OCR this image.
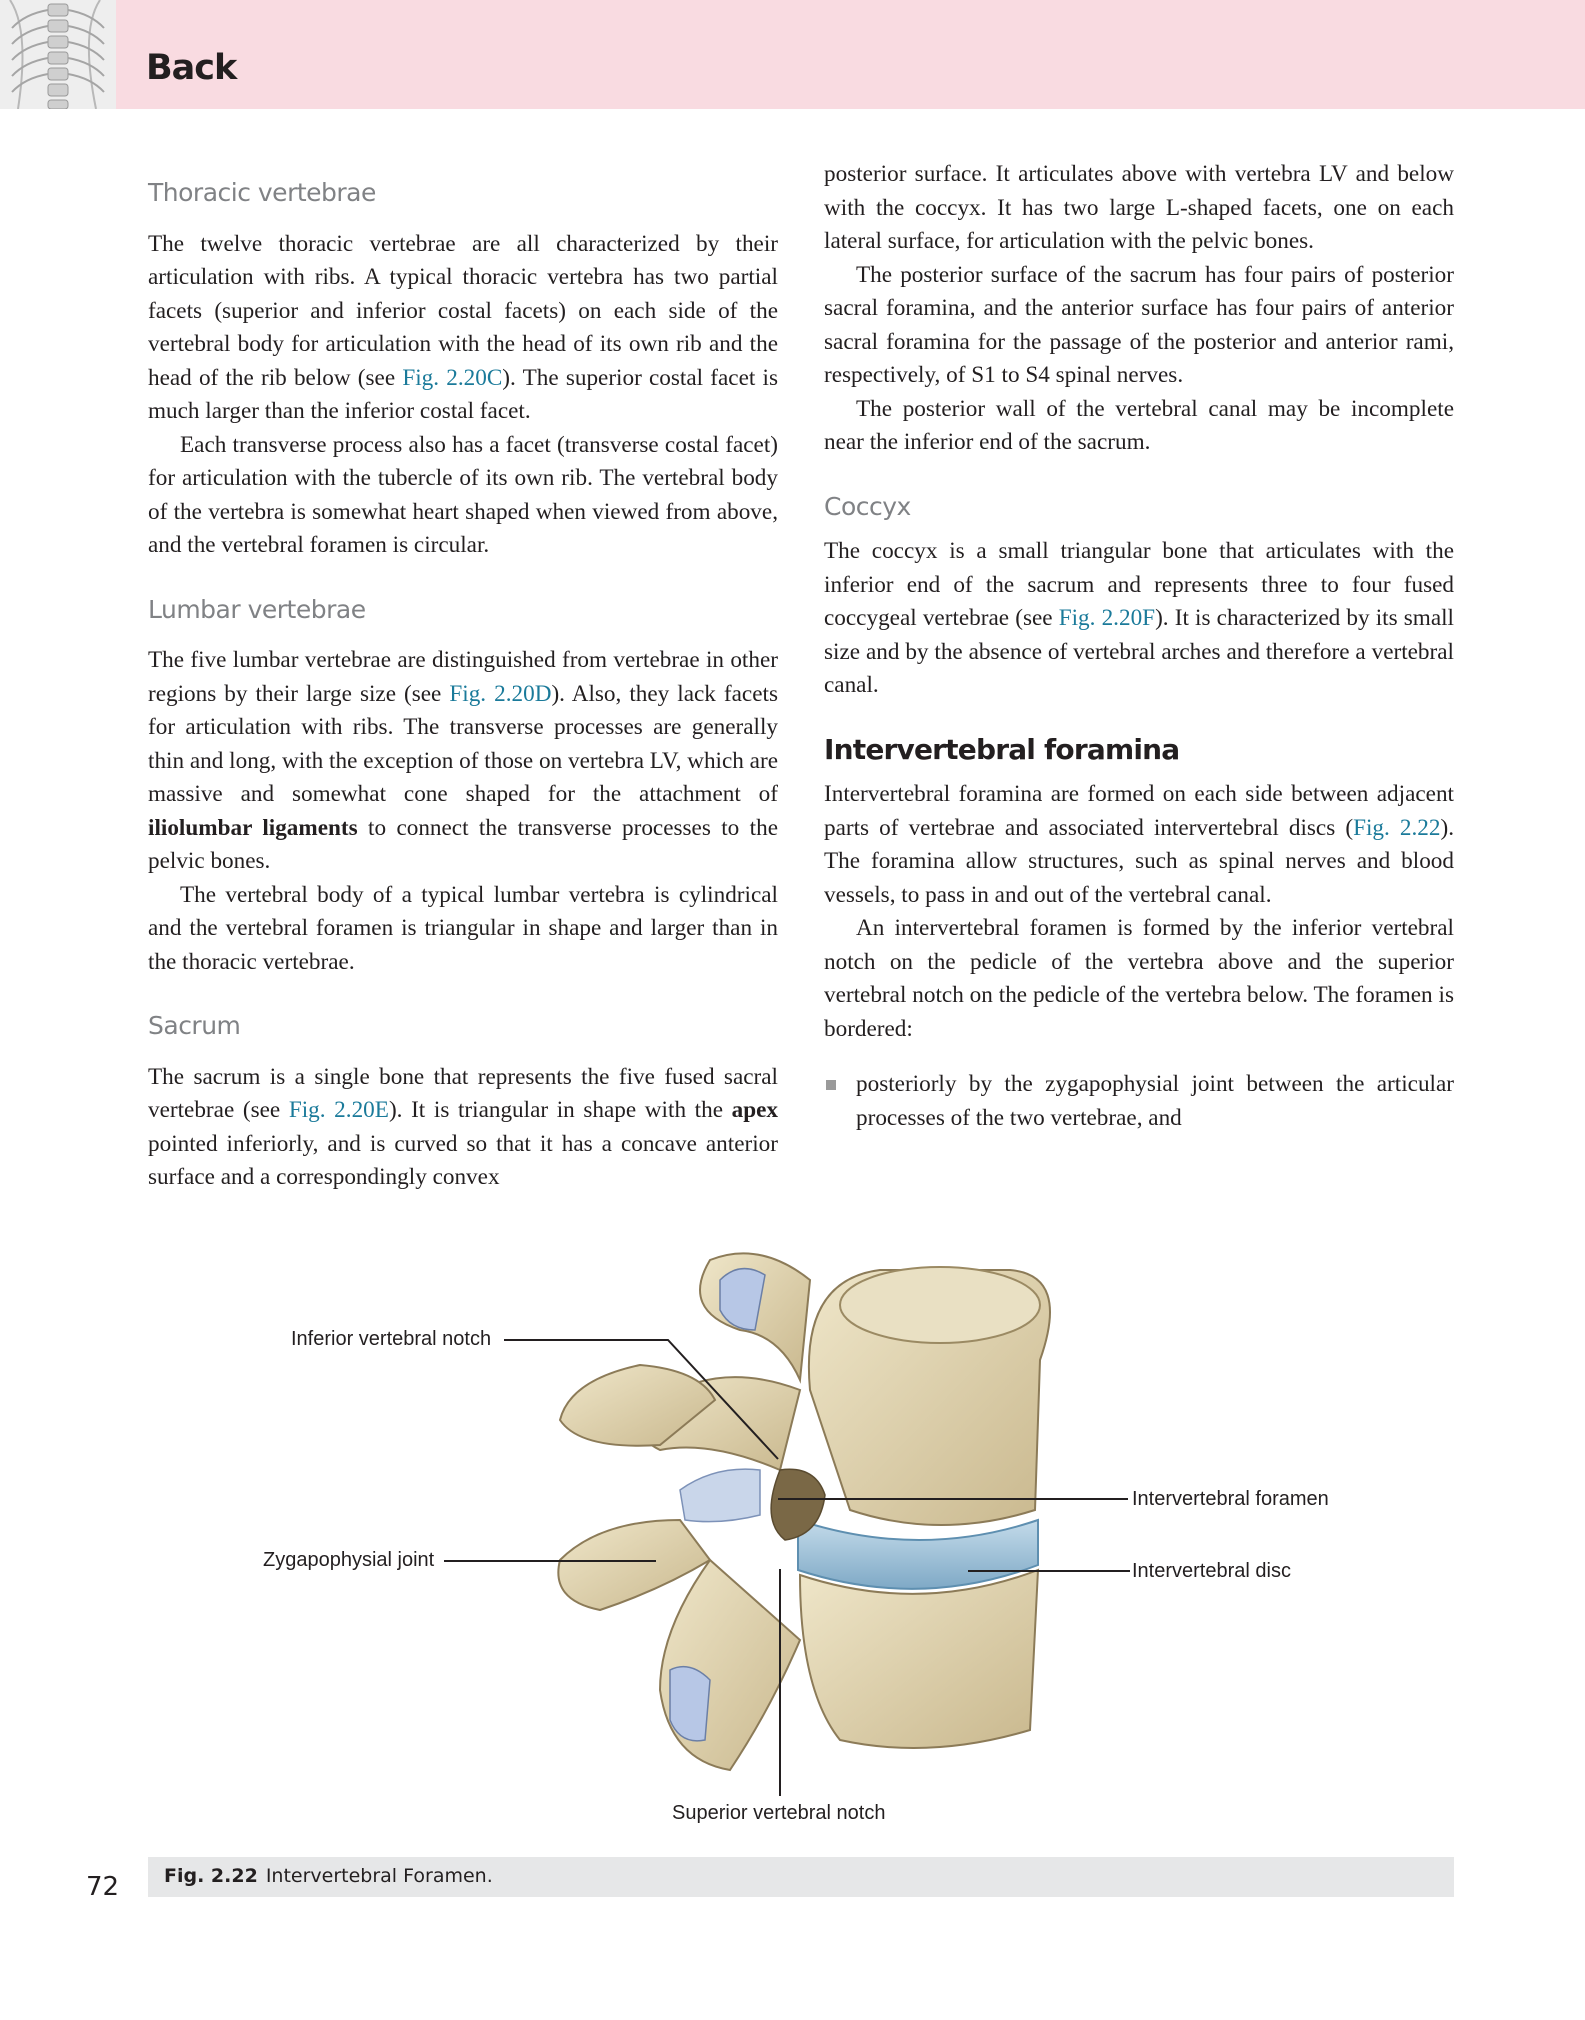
Back
Thoracic vertebrae

The twelve thoracic vertebrae are all characterized by their articulation with ribs. A typical thoracic vertebra has two partial facets (superior and inferior costal facets) on each side of the vertebral body for articulation with the head of its own rib and the head of the rib below (see Fig. 2.20C). The superior costal facet is much larger than the inferior costal facet.

Each transverse process also has a facet (transverse costal facet) for articulation with the tubercle of its own rib. The vertebral body of the vertebra is somewhat heart shaped when viewed from above, and the vertebral foramen is circular.

Lumbar vertebrae

The five lumbar vertebrae are distinguished from vertebrae in other regions by their large size (see Fig. 2.20D). Also, they lack facets for articulation with ribs. The transverse processes are generally thin and long, with the exception of those on vertebra LV, which are massive and somewhat cone shaped for the attachment of iliolumbar ligaments to connect the transverse processes to the pelvic bones.

The vertebral body of a typical lumbar vertebra is cylindrical and the vertebral foramen is triangular in shape and larger than in the thoracic vertebrae.

Sacrum

The sacrum is a single bone that represents the five fused sacral vertebrae (see Fig. 2.20E). It is triangular in shape with the apex pointed inferiorly, and is curved so that it has a concave anterior surface and a correspondingly convex

posterior surface. It articulates above with vertebra LV and below with the coccyx. It has two large L-shaped facets, one on each lateral surface, for articulation with the pelvic bones.

The posterior surface of the sacrum has four pairs of posterior sacral foramina, and the anterior surface has four pairs of anterior sacral foramina for the passage of the posterior and anterior rami, respectively, of S1 to S4 spinal nerves.

The posterior wall of the vertebral canal may be incomplete near the inferior end of the sacrum.

Coccyx

The coccyx is a small triangular bone that articulates with the inferior end of the sacrum and represents three to four fused coccygeal vertebrae (see Fig. 2.20F). It is characterized by its small size and by the absence of vertebral arches and therefore a vertebral canal.

Intervertebral foramina

Intervertebral foramina are formed on each side between adjacent parts of vertebrae and associated intervertebral discs (Fig. 2.22). The foramina allow structures, such as spinal nerves and blood vessels, to pass in and out of the vertebral canal.

An intervertebral foramen is formed by the inferior vertebral notch on the pedicle of the vertebra above and the superior vertebral notch on the pedicle of the vertebra below. The foramen is bordered:

posteriorly by the zygapophysial joint between the articular processes of the two vertebrae, and
Inferior vertebral notch
Zygapophysial joint
Intervertebral foramen
Intervertebral disc
Superior vertebral notch
Fig. 2.22 Intervertebral Foramen.
72
